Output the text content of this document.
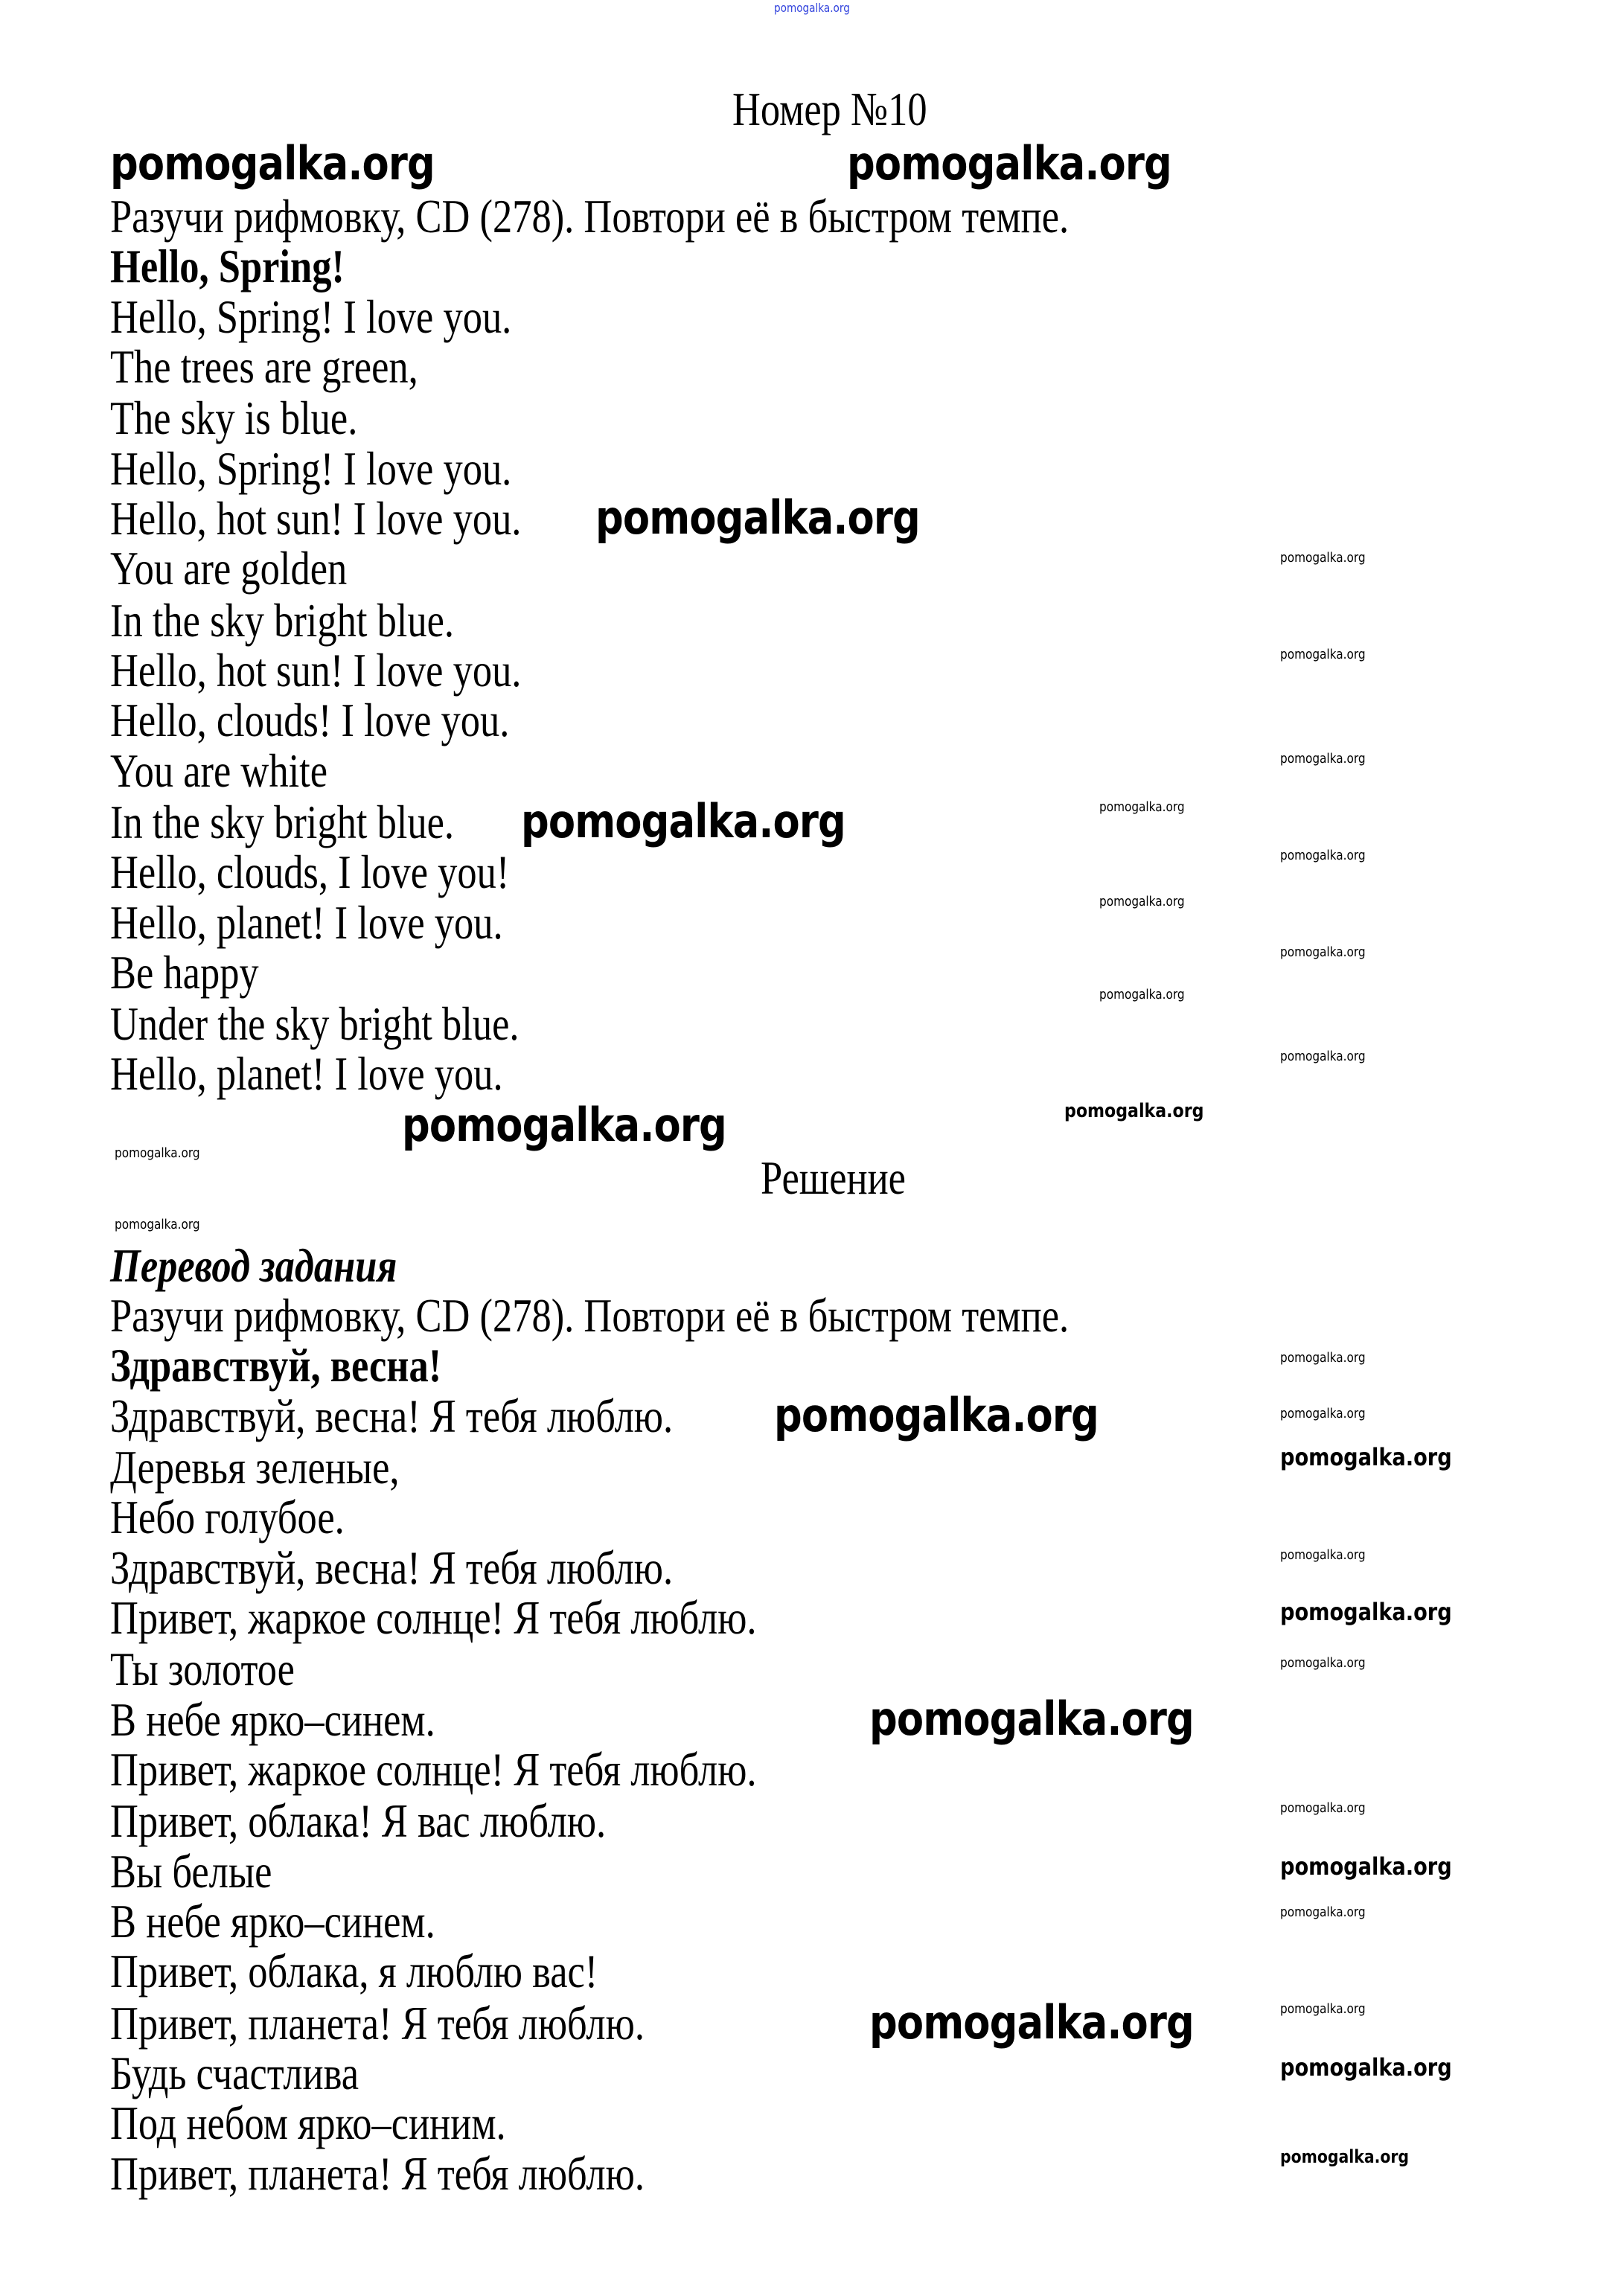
pomogalka.org
Номер №10
Разучи рифмовку, CD (278). Повтори её в быстром темпе.
Hello, Spring!
Hello, Spring! I love you.
The trees are green,
The sky is blue.
Hello, Spring! I love you.
Hello, hot sun! I love you.
You are golden
In the sky bright blue.
Hello, hot sun! I love you.
Hello, clouds! I love you.
You are white
In the sky bright blue.
Hello, clouds, I love you!
Hello, planet! I love you.
Be happy
Under the sky bright blue.
Hello, planet! I love you.
Решение
Перевод задания
Разучи рифмовку, CD (278). Повтори её в быстром темпе.
Здравствуй, весна!
Здравствуй, весна! Я тебя люблю.
Деревья зеленые,
Небо голубое.
Здравствуй, весна! Я тебя люблю.
Привет, жаркое солнце! Я тебя люблю.
Ты золотое
В небе ярко–синем.
Привет, жаркое солнце! Я тебя люблю.
Привет, облака! Я вас люблю.
Вы белые
В небе ярко–синем.
Привет, облака, я люблю вас!
Привет, планета! Я тебя люблю.
Будь счастлива
Под небом ярко–синим.
Привет, планета! Я тебя люблю.
pomogalka.org	pomogalka.org
pomogalka.org
pomogalka.org
pomogalka.org
pomogalka.org
pomogalka.org
pomogalka.org
pomogalka.org
pomogalka.org
pomogalka.org
pomogalka.org
pomogalka.org
pomogalka.org
pomogalka.org
pomogalka.org
pomogalka.org
pomogalka.org
pomogalka.org
pomogalka.org
pomogalka.org
pomogalka.org
pomogalka.org
pomogalka.org
pomogalka.org
pomogalka.org
pomogalka.org
pomogalka.org
pomogalka.org
pomogalka.org
pomogalka.org
pomogalka.org
